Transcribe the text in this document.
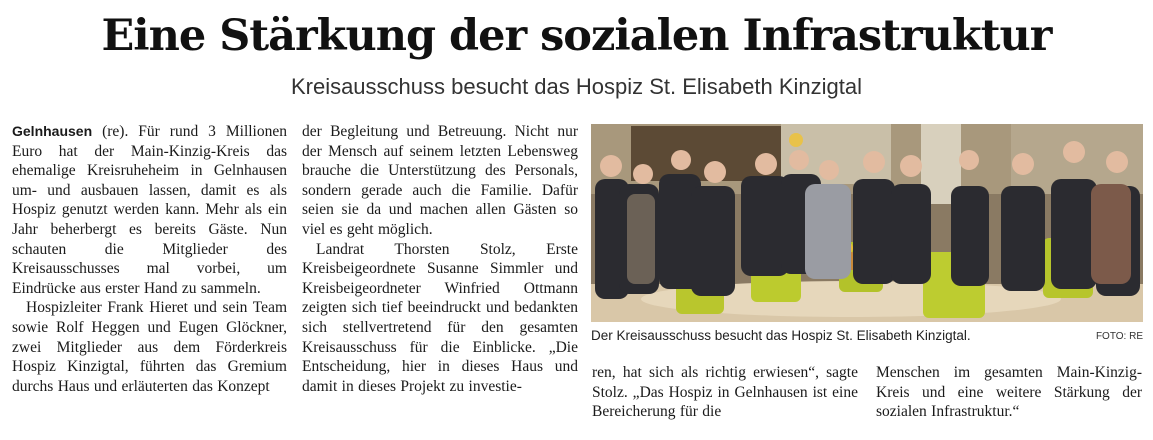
Eine Stärkung der sozialen Infrastruktur
Kreisausschuss besucht das Hospiz St. Elisabeth Kinzigtal

Gelnhausen (re). Für rund 3 Millionen Euro hat der Main-Kinzig-Kreis das ehemalige Kreisruheheim in Gelnhausen um- und ausbauen lassen, damit es als Hospiz genutzt werden kann. Mehr als ein Jahr beherbergt es bereits Gäste. Nun schauten die Mitglieder des Kreisausschusses mal vorbei, um Eindrücke aus erster Hand zu sammeln.

Hospizleiter Frank Hieret und sein Team sowie Rolf Heggen und Eugen Glöckner, zwei Mitglieder aus dem Förderkreis Hospiz Kinzigtal, führten das Gremium durchs Haus und erläuterten das Konzept

der Begleitung und Betreuung. Nicht nur der Mensch auf seinem letzten Lebensweg brauche die Unterstützung des Personals, sondern gerade auch die Familie. Dafür seien sie da und machen allen Gästen so viel es geht möglich.

Landrat Thorsten Stolz, Erste Kreisbeigeordnete Susanne Simmler und Kreisbeigeordneter Winfried Ottmann zeigten sich tief beeindruckt und bedankten sich stellvertretend für den gesamten Kreisausschuss für die Einblicke. „Die Entscheidung, hier in dieses Haus und damit in dieses Projekt zu investie-

Der Kreisausschuss besucht das Hospiz St. Elisabeth Kinzigtal.	FOTO: RE

ren, hat sich als richtig erwiesen“, sagte Stolz. „Das Hospiz in Gelnhausen ist eine Bereicherung für die

Menschen im gesamten Main-Kinzig-Kreis und eine weitere Stärkung der sozialen Infrastruktur.“
